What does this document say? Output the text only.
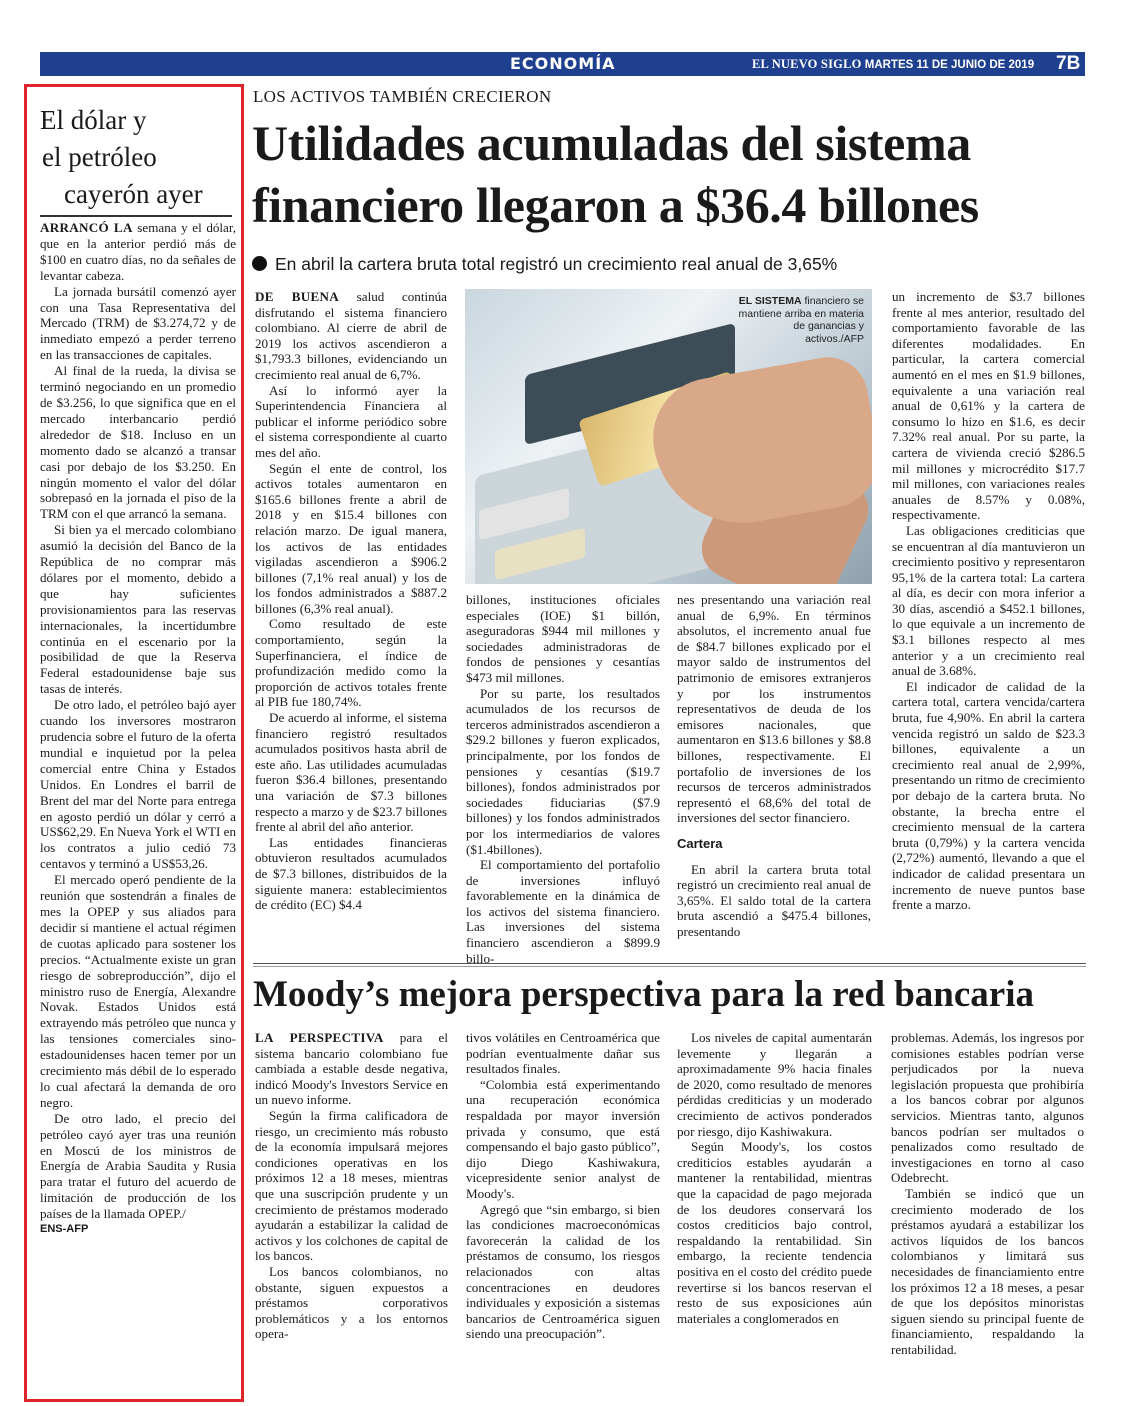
ECONOMÍA	EL NUEVO SIGLO MARTES 11 DE JUNIO DE 2019 7B
El dólar y
el petróleo
cayerón ayer

ARRANCÓ LA semana y el dólar, que en la anterior perdió más de $100 en cuatro días, no da señales de levantar cabeza.

La jornada bursátil comenzó ayer con una Tasa Representativa del Mercado (TRM) de $3.274,72 y de inmediato empezó a perder terreno en las transacciones de capitales.

Al final de la rueda, la divisa se terminó negociando en un promedio de $3.256, lo que significa que en el mercado interbancario perdió alrededor de $18. Incluso en un momento dado se alcanzó a transar casi por debajo de los $3.250. En ningún momento el valor del dólar sobrepasó en la jornada el piso de la TRM con el que arrancó la semana.

Si bien ya el mercado colombiano asumió la decisión del Banco de la República de no comprar más dólares por el momento, debido a que hay suficientes provisionamientos para las reservas internacionales, la incertidumbre continúa en el escenario por la posibilidad de que la Reserva Federal estadounidense baje sus tasas de interés.

De otro lado, el petróleo bajó ayer cuando los inversores mostraron prudencia sobre el futuro de la oferta mundial e inquietud por la pelea comercial entre China y Estados Unidos. En Londres el barril de Brent del mar del Norte para entrega en agosto perdió un dólar y cerró a US$62,29. En Nueva York el WTI en los contratos a julio cedió 73 centavos y terminó a US$53,26.

El mercado operó pendiente de la reunión que sostendrán a finales de mes la OPEP y sus aliados para decidir si mantiene el actual régimen de cuotas aplicado para sostener los precios. “Actualmente existe un gran riesgo de sobreproducción”, dijo el ministro ruso de Energía, Alexandre Novak. Estados Unidos está extrayendo más petróleo que nunca y las tensiones comerciales sino-estadounidenses hacen temer por un crecimiento más débil de lo esperado lo cual afectará la demanda de oro negro.

De otro lado, el precio del petróleo cayó ayer tras una reunión en Moscú de los ministros de Energía de Arabia Saudita y Rusia para tratar el futuro del acuerdo de limitación de producción de los países de la llamada OPEP./

ENS-AFP
LOS ACTIVOS TAMBIÉN CRECIERON
Utilidades acumuladas del sistema financiero llegaron a $36.4 billones
En abril la cartera bruta total registró un crecimiento real anual de 3,65%

DE BUENA salud continúa disfrutando el sistema financiero colombiano. Al cierre de abril de 2019 los activos ascendieron a $1,793.3 billones, evidenciando un crecimiento real anual de 6,7%.

Así lo informó ayer la Superintendencia Financiera al publicar el informe periódico sobre el sistema correspondiente al cuarto mes del año.

Según el ente de control, los activos totales aumentaron en $165.6 billones frente a abril de 2018 y en $15.4 billones con relación marzo. De igual manera, los activos de las entidades vigiladas ascendieron a $906.2 billones (7,1% real anual) y los de los fondos administrados a $887.2 billones (6,3% real anual).

Como resultado de este comportamiento, según la Superfinanciera, el índice de profundización medido como la proporción de activos totales frente al PIB fue 180,74%.

De acuerdo al informe, el sistema financiero registró resultados acumulados positivos hasta abril de este año. Las utilidades acumuladas fueron $36.4 billones, presentando una variación de $7.3 billones respecto a marzo y de $23.7 billones frente al abril del año anterior.

Las entidades financieras obtuvieron resultados acumulados de $7.3 billones, distribuidos de la siguiente manera: establecimientos de crédito (EC) $4.4

EL SISTEMA financiero se mantiene arriba en materia de ganancias y activos./AFP

billones, instituciones oficiales especiales (IOE) $1 billón, aseguradoras $944 mil millones y sociedades administradoras de fondos de pensiones y cesantías $473 mil millones.

Por su parte, los resultados acumulados de los recursos de terceros administrados ascendieron a $29.2 billones y fueron explicados, principalmente, por los fondos de pensiones y cesantías ($19.7 billones), fondos administrados por sociedades fiduciarias ($7.9 billones) y los fondos administrados por los intermediarios de valores ($1.4billones).

El comportamiento del portafolio de inversiones influyó favorablemente en la dinámica de los activos del sistema financiero. Las inversiones del sistema financiero ascendieron a $899.9 billo-

nes presentando una variación real anual de 6,9%. En términos absolutos, el incremento anual fue de $84.7 billones explicado por el mayor saldo de instrumentos del patrimonio de emisores extranjeros y por los instrumentos representativos de deuda de los emisores nacionales, que aumentaron en $13.6 billones y $8.8 billones, respectivamente. El portafolio de inversiones de los recursos de terceros administrados representó el 68,6% del total de inversiones del sector financiero.

Cartera

En abril la cartera bruta total registró un crecimiento real anual de 3,65%. El saldo total de la cartera bruta ascendió a $475.4 billones, presentando

un incremento de $3.7 billones frente al mes anterior, resultado del comportamiento favorable de las diferentes modalidades. En particular, la cartera comercial aumentó en el mes en $1.9 billones, equivalente a una variación real anual de 0,61% y la cartera de consumo lo hizo en $1.6, es decir 7.32% real anual. Por su parte, la cartera de vivienda creció $286.5 mil millones y microcrédito $17.7 mil millones, con variaciones reales anuales de 8.57% y 0.08%, respectivamente.

Las obligaciones crediticias que se encuentran al día mantuvieron un crecimiento positivo y representaron 95,1% de la cartera total: La cartera al día, es decir con mora inferior a 30 días, ascendió a $452.1 billones, lo que equivale a un incremento de $3.1 billones respecto al mes anterior y a un crecimiento real anual de 3.68%.

El indicador de calidad de la cartera total, cartera vencida/cartera bruta, fue 4,90%. En abril la cartera vencida registró un saldo de $23.3 billones, equivalente a un crecimiento real anual de 2,99%, presentando un ritmo de crecimiento por debajo de la cartera bruta. No obstante, la brecha entre el crecimiento mensual de la cartera bruta (0,79%) y la cartera vencida (2,72%) aumentó, llevando a que el indicador de calidad presentara un incremento de nueve puntos base frente a marzo.

Moody’s mejora perspectiva para la red bancaria

LA PERSPECTIVA para el sistema bancario colombiano fue cambiada a estable desde negativa, indicó Moody's Investors Service en un nuevo informe.

Según la firma calificadora de riesgo, un crecimiento más robusto de la economía impulsará mejores condiciones operativas en los próximos 12 a 18 meses, mientras que una suscripción prudente y un crecimiento de préstamos moderado ayudarán a estabilizar la calidad de activos y los colchones de capital de los bancos.

Los bancos colombianos, no obstante, siguen expuestos a préstamos corporativos problemáticos y a los entornos opera-

tivos volátiles en Centroamérica que podrían eventualmente dañar sus resultados finales.

“Colombia está experimentando una recuperación económica respaldada por mayor inversión privada y consumo, que está compensando el bajo gasto público”, dijo Diego Kashiwakura, vicepresidente senior analyst de Moody's.

Agregó que “sin embargo, si bien las condiciones macroeconómicas favorecerán la calidad de los préstamos de consumo, los riesgos relacionados con altas concentraciones en deudores individuales y exposición a sistemas bancarios de Centroamérica siguen siendo una preocupación”.

Los niveles de capital aumentarán levemente y llegarán a aproximadamente 9% hacia finales de 2020, como resultado de menores pérdidas crediticias y un moderado crecimiento de activos ponderados por riesgo, dijo Kashiwakura.

Según Moody's, los costos crediticios estables ayudarán a mantener la rentabilidad, mientras que la capacidad de pago mejorada de los deudores conservará los costos crediticios bajo control, respaldando la rentabilidad. Sin embargo, la reciente tendencia positiva en el costo del crédito puede revertirse si los bancos reservan el resto de sus exposiciones aún materiales a conglomerados en

problemas. Además, los ingresos por comisiones estables podrían verse perjudicados por la nueva legislación propuesta que prohibiría a los bancos cobrar por algunos servicios. Mientras tanto, algunos bancos podrían ser multados o penalizados como resultado de investigaciones en torno al caso Odebrecht.

También se indicó que un crecimiento moderado de los préstamos ayudará a estabilizar los activos líquidos de los bancos colombianos y limitará sus necesidades de financiamiento entre los próximos 12 a 18 meses, a pesar de que los depósitos minoristas siguen siendo su principal fuente de financiamiento, respaldando la rentabilidad.
